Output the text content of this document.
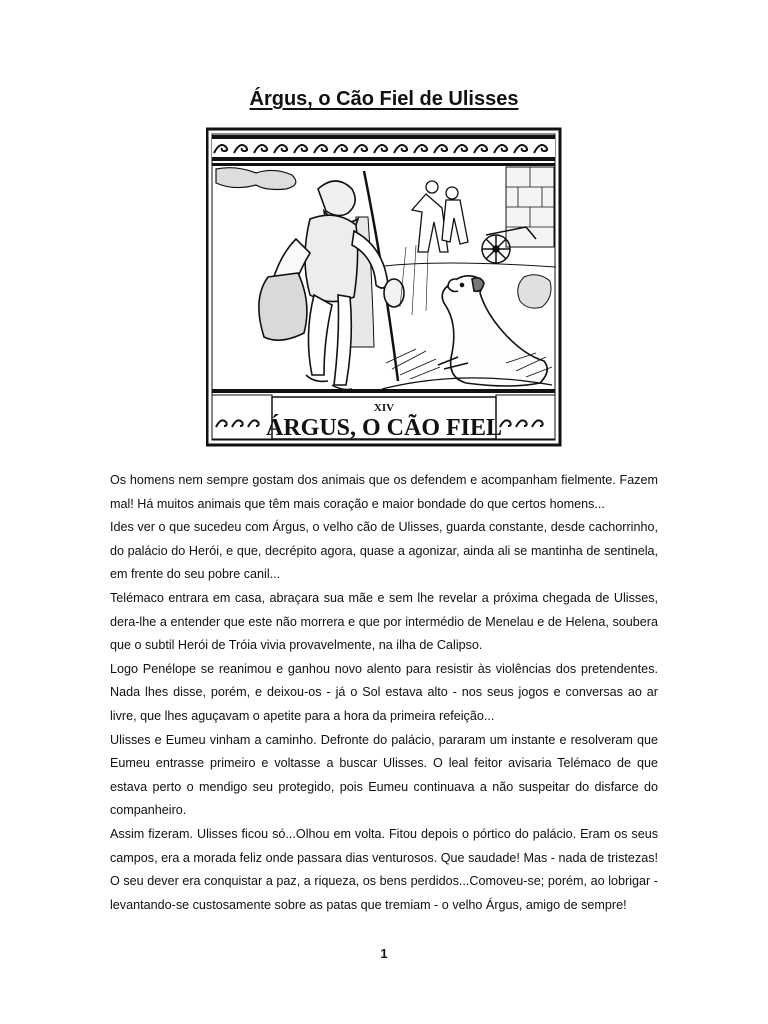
Árgus, o Cão Fiel de Ulisses
XIV
ÁRGUS, O CÃO FIEL

Os homens nem sempre gostam dos animais que os defendem e acompanham fielmente. Fazem mal! Há muitos animais que têm mais coração e maior bondade do que certos homens...

Ides ver o que sucedeu com Árgus, o velho cão de Ulisses, guarda constante, desde cachorrinho, do palácio do Herói, e que, decrépito agora, quase a agonizar, ainda ali se mantinha de sentinela, em frente do seu pobre canil...

Telémaco entrara em casa, abraçara sua mãe e sem lhe revelar a próxima chegada de Ulisses, dera-lhe a entender que este não morrera e que por intermédio de Menelau e de Helena, soubera que o subtil Herói de Tróia vivia provavelmente, na ilha de Calipso.

Logo Penélope se reanimou e ganhou novo alento para resistir às violências dos pretendentes. Nada lhes disse, porém, e deixou-os - já o Sol estava alto - nos seus jogos e conversas ao ar livre, que lhes aguçavam o apetite para a hora da primeira refeição...

Ulisses e Eumeu vinham a caminho. Defronte do palácio, pararam um instante e resolveram que Eumeu entrasse primeiro e voltasse a buscar Ulisses. O leal feitor avisaria Telémaco de que estava perto o mendigo seu protegido, pois Eumeu continuava a não suspeitar do disfarce do companheiro.

Assim fizeram. Ulisses ficou só...Olhou em volta. Fitou depois o pórtico do palácio. Eram os seus campos, era a morada feliz onde passara dias venturosos. Que saudade! Mas - nada de tristezas! O seu dever era conquistar a paz, a riqueza, os bens perdidos...Comoveu-se; porém, ao lobrigar - levantando-se custosamente sobre as patas que tremiam - o velho Árgus, amigo de sempre!

1
